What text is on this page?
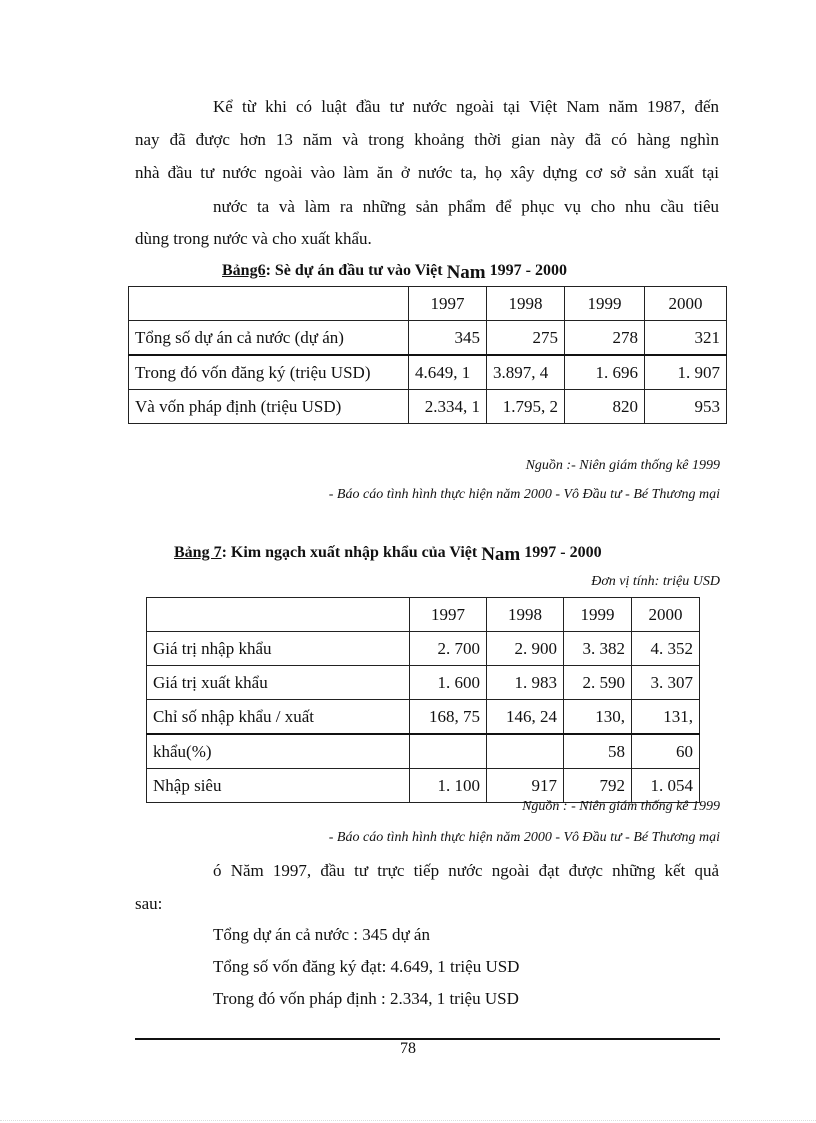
Kể từ khi có luật đầu tư nước ngoài tại Việt Nam năm 1987, đến
nay đã được hơn 13 năm và trong khoảng thời gian này đã có hàng nghìn
nhà đầu tư nước ngoài vào làm ăn ở nước ta, họ xây dựng cơ sở sản xuất tại
nước ta và làm ra những sản phẩm để phục vụ cho nhu cầu tiêu
dùng trong nước và cho xuất khẩu.
Bảng6: Sè dự án đầu tư vào Việt Nam 1997 - 2000
	1997	1998	1999	2000
Tổng số dự án cả nước (dự án)	345	275	278	321
Trong đó vốn đăng ký (triệu USD)	4.649, 1	3.897, 4	1. 696	1. 907
Và vốn pháp định (triệu USD)	2.334, 1	1.795, 2	820	953
Nguồn :- Niên giám thống kê 1999
- Báo cáo tình hình thực hiện năm 2000 - Vô Đầu tư - Bé Thương mại
Bảng 7: Kim ngạch xuất nhập khẩu của Việt Nam 1997 - 2000
Đơn vị tính: triệu USD
	1997	1998	1999	2000
Giá trị nhập khẩu	2. 700	2. 900	3. 382	4. 352
Giá trị xuất khẩu	1. 600	1. 983	2. 590	3. 307
Chỉ số nhập khẩu / xuất	168, 75	146, 24	130,	131,
khẩu(%)			58	60
Nhập siêu	1. 100	917	792	1. 054
Nguồn : - Niên giám thống kê 1999
- Báo cáo tình hình thực hiện năm 2000 - Vô Đầu tư - Bé Thương mại
ó Năm 1997, đầu tư trực tiếp nước ngoài đạt được những kết quả
sau:
Tổng dự án cả nước : 345 dự án
Tổng số vốn đăng ký đạt: 4.649, 1 triệu USD
Trong đó vốn pháp định : 2.334, 1 triệu USD
78
